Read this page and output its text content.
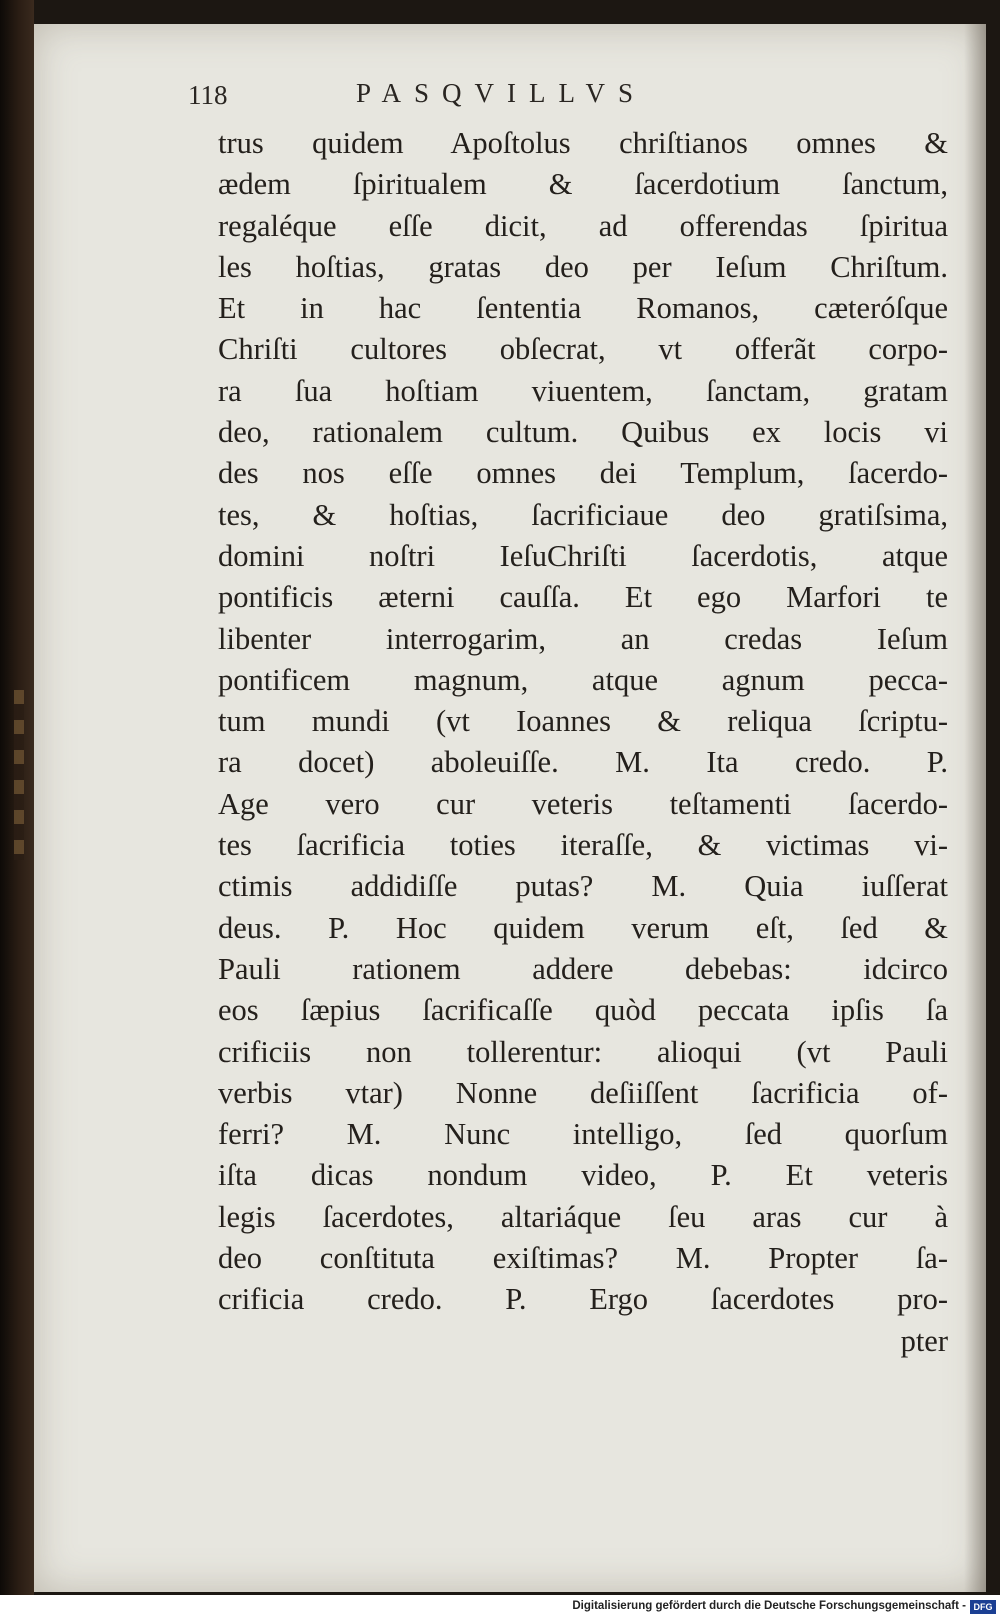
118	PASQVILLVS
trus quidem Apoſtolus chriſtianos omnes &
ædem ſpiritualem & ſacerdotium ſanctum,
regaléque eſſe dicit, ad offerendas ſpiritua
les hoſtias, gratas deo per Ieſum Chriſtum.
Et in hac ſententia Romanos, cæteróſque
Chriſti cultores obſecrat, vt offerãt corpo-
ra ſua hoſtiam viuentem, ſanctam, gratam
deo, rationalem cultum. Quibus ex locis vi
des nos eſſe omnes dei Templum, ſacerdo-
tes, & hoſtias, ſacrificiaue deo gratiſsima,
domini noſtri IeſuChriſti ſacerdotis, atque
pontificis æterni cauſſa. Et ego Marfori te
libenter interrogarim, an credas Ieſum
pontificem magnum, atque agnum pecca-
tum mundi (vt Ioannes & reliqua ſcriptu-
ra docet) aboleuiſſe. M. Ita credo. P.
Age vero cur veteris teſtamenti ſacerdo-
tes ſacrificia toties iteraſſe, & victimas vi-
ctimis addidiſſe putas? M. Quia iuſſerat
deus. P. Hoc quidem verum eſt, ſed &
Pauli rationem addere debebas: idcirco
eos ſæpius ſacrificaſſe quòd peccata ipſis ſa
crificiis non tollerentur: alioqui (vt Pauli
verbis vtar) Nonne deſiiſſent ſacrificia of-
ferri? M. Nunc intelligo, ſed quorſum
iſta dicas nondum video, P. Et veteris
legis ſacerdotes, altariáque ſeu aras cur à
deo conſtituta exiſtimas? M. Propter ſa-
crificia credo. P. Ergo ſacerdotes pro-
pter
Digitalisierung gefördert durch die Deutsche Forschungsgemeinschaft - DFG
